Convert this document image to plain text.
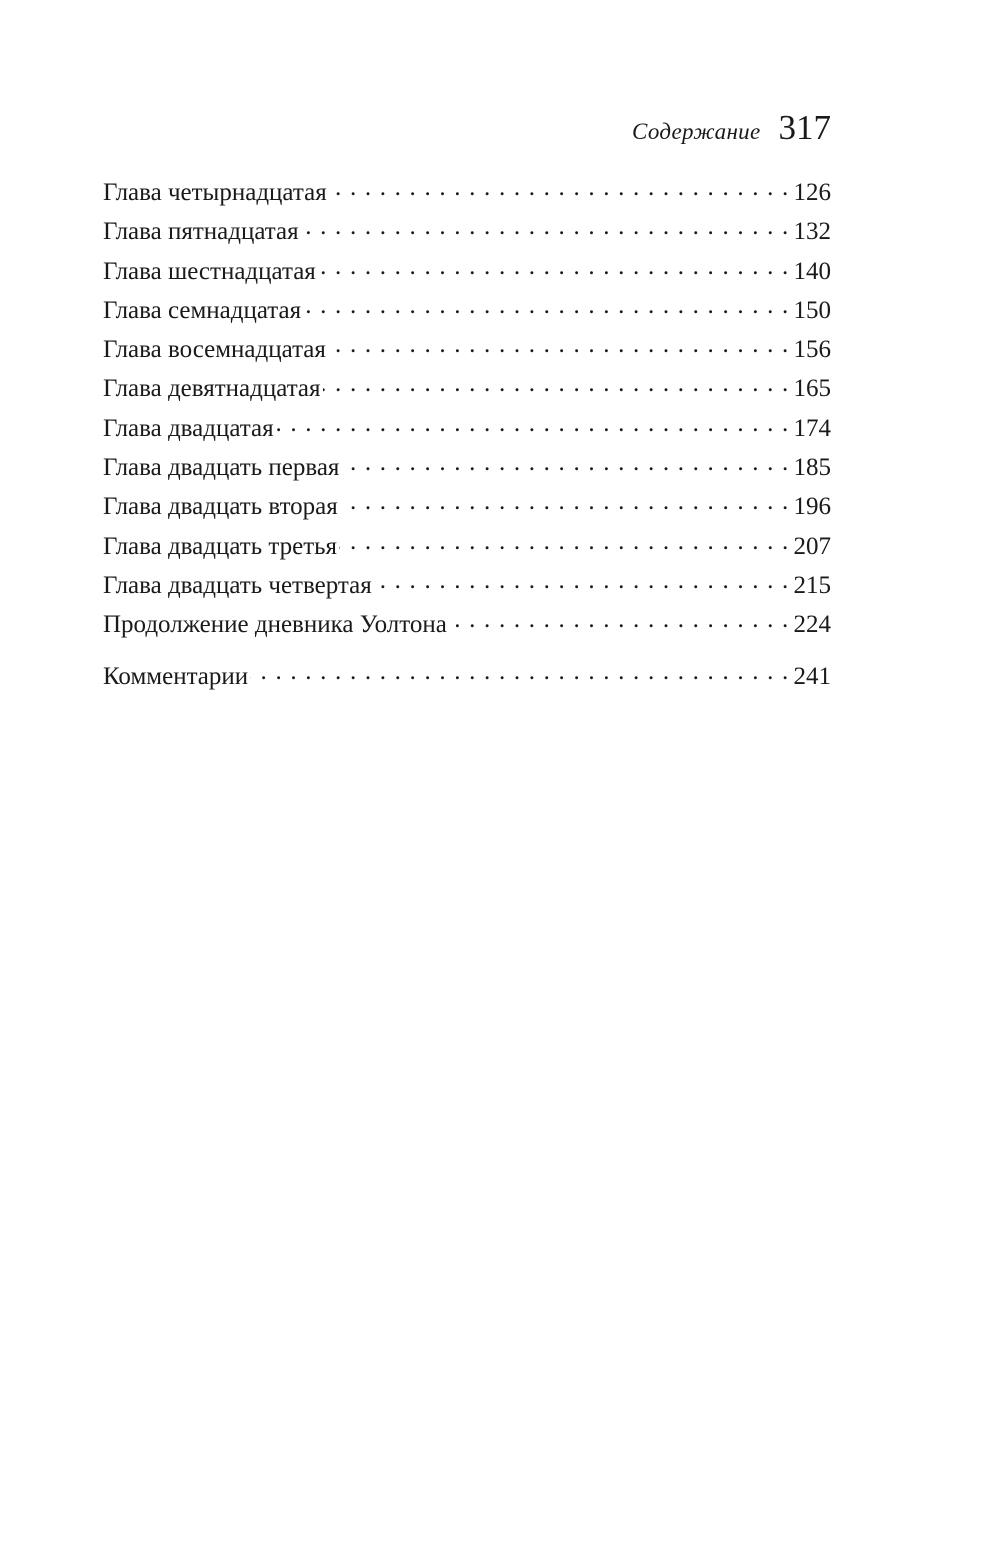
Содержание 317
Глава четырнадцатая . . .	126
Глава пятнадцатая . . .	132
Глава шестнадцатая . . .	140
Глава семнадцатая . . .	150
Глава восемнадцатая . . .	156
Глава девятнадцатая . . .	165
Глава двадцатая . . .	174
Глава двадцать первая . . .	185
Глава двадцать вторая . . .	196
Глава двадцать третья . . .	207
Глава двадцать четвертая . . .	215
Продолжение дневника Уолтона . . .	224
Комментарии . . .	241
